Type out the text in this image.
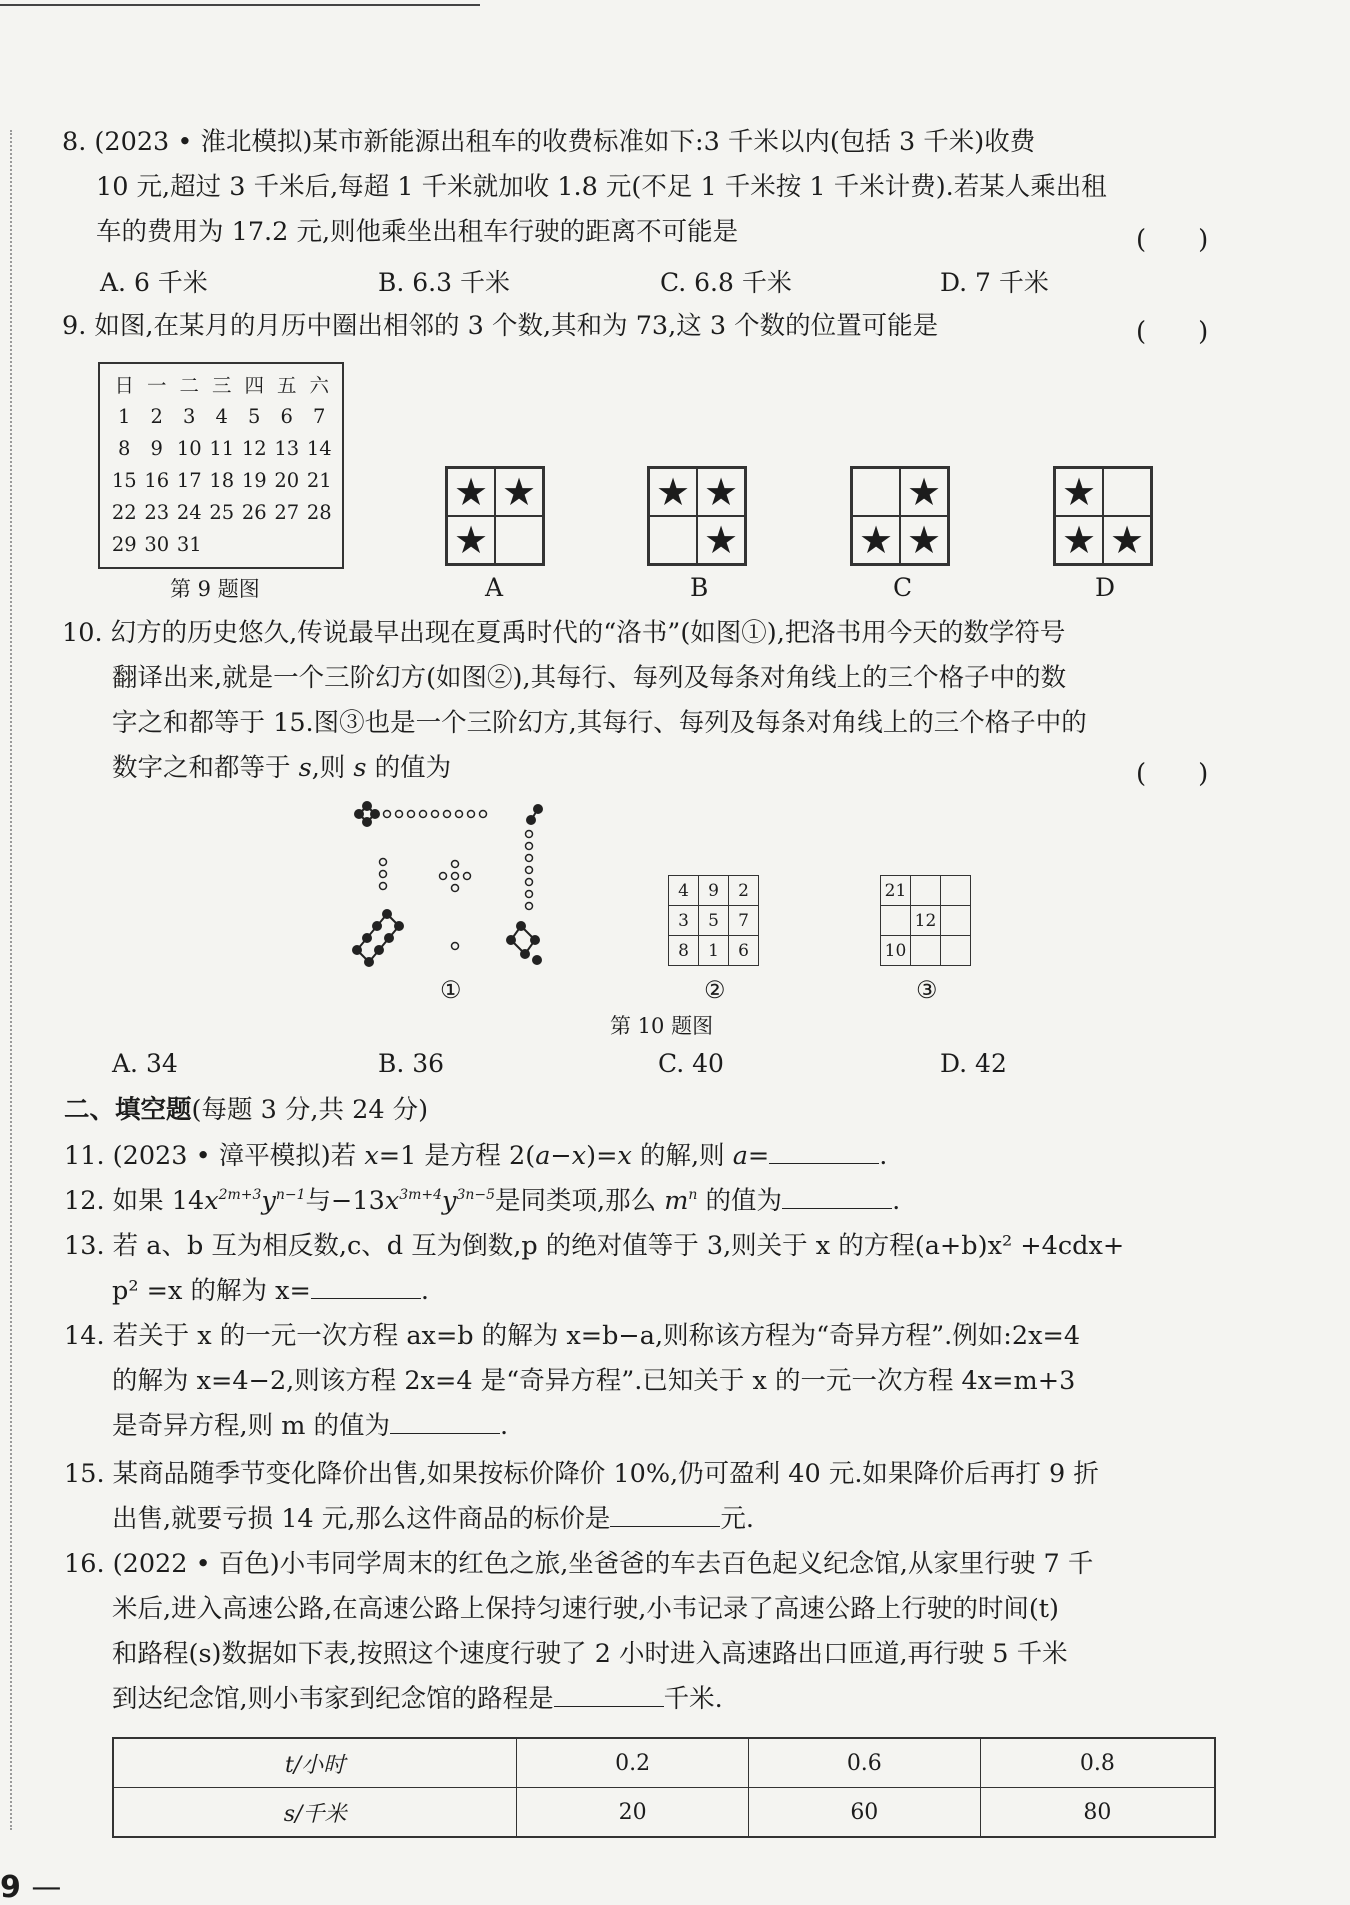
8. (2023 • 淮北模拟)某市新能源出租车的收费标准如下:3 千米以内(包括 3 千米)收费
10 元,超过 3 千米后,每超 1 千米就加收 1.8 元(不足 1 千米按 1 千米计费).若某人乘出租
车的费用为 17.2 元,则他乘坐出租车行驶的距离不可能是	(　　)
A. 6 千米	B. 6.3 千米	C. 6.8 千米	D. 7 千米
9. 如图,在某月的月历中圈出相邻的 3 个数,其和为 73,这 3 个数的位置可能是	(　　)
日	一	二	三	四	五	六
1	2	3	4	5	6	7
8	9	10	11	12	13	14
15	16	17	18	19	20	21
22	23	24	25	26	27	28
29	30	31				
第 9 题图
★ ★
★
A
★ ★
★
B
★
★ ★
C
★
★ ★
D
10. 幻方的历史悠久,传说最早出现在夏禹时代的“洛书”(如图①),把洛书用今天的数学符号
翻译出来,就是一个三阶幻方(如图②),其每行、每列及每条对角线上的三个格子中的数
字之和都等于 15.图③也是一个三阶幻方,其每行、每列及每条对角线上的三个格子中的
数字之和都等于 s,则 s 的值为	(　　)
①
4	9	2
3	5	7
8	1	6
②
21		
	12	
10		
③
第 10 题图
A. 34	B. 36	C. 40	D. 42
二、填空题(每题 3 分,共 24 分)
11. (2023 • 漳平模拟)若 x=1 是方程 2(a−x)=x 的解,则 a=	.
12. 如果 $14x^{2m+3}y^{n-1}$与$-13x^{3m+4}y^{3n-5}$是同类项,那么 $m^n$ 的值为	.
13. 若 a、b 互为相反数,c、d 互为倒数,p 的绝对值等于 3,则关于 x 的方程(a+b)x² +4cdx+
p² =x 的解为 x=	.
14. 若关于 x 的一元一次方程 ax=b 的解为 x=b−a,则称该方程为“奇异方程”.例如:2x=4
的解为 x=4−2,则该方程 2x=4 是“奇异方程”.已知关于 x 的一元一次方程 4x=m+3
是奇异方程,则 m 的值为	.
15. 某商品随季节变化降价出售,如果按标价降价 10%,仍可盈利 40 元.如果降价后再打 9 折
出售,就要亏损 14 元,那么这件商品的标价是	元.
16. (2022 • 百色)小韦同学周末的红色之旅,坐爸爸的车去百色起义纪念馆,从家里行驶 7 千
米后,进入高速公路,在高速公路上保持匀速行驶,小韦记录了高速公路上行驶的时间(t)
和路程(s)数据如下表,按照这个速度行驶了 2 小时进入高速路出口匝道,再行驶 5 千米
到达纪念馆,则小韦家到纪念馆的路程是	千米.
t/小时	0.2	0.6	0.8
s/千米	20	60	80
9 —
